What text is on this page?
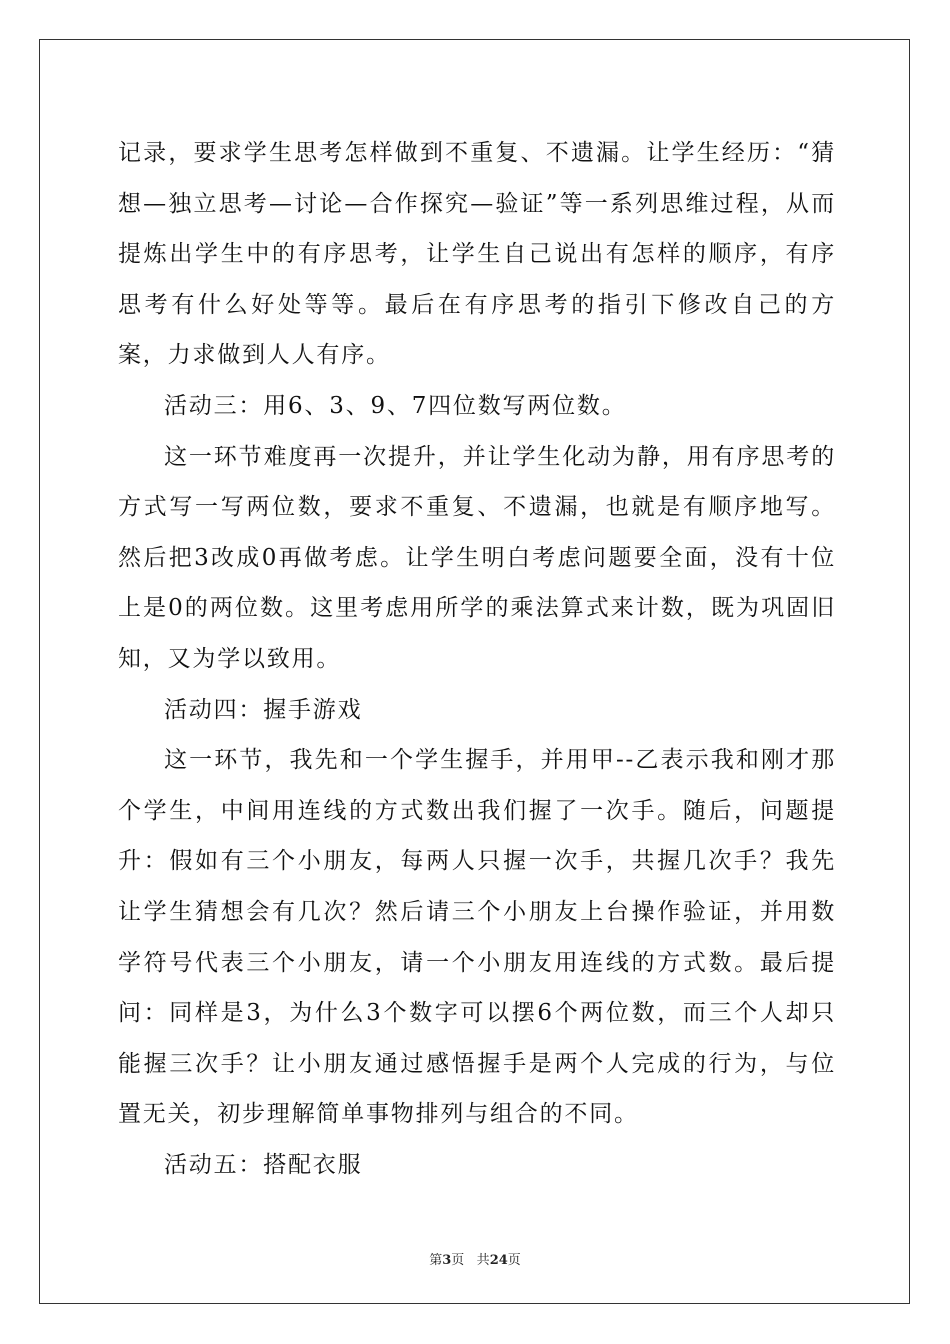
记录，要求学生思考怎样做到不重复、不遗漏。让学生经历：“猜想—独立思考—讨论—合作探究—验证”等一系列思维过程，从而提炼出学生中的有序思考，让学生自己说出有怎样的顺序，有序思考有什么好处等等。最后在有序思考的指引下修改自己的方案，力求做到人人有序。

活动三：用6、3、9、7四位数写两位数。

这一环节难度再一次提升，并让学生化动为静，用有序思考的方式写一写两位数，要求不重复、不遗漏，也就是有顺序地写。然后把3改成0再做考虑。让学生明白考虑问题要全面，没有十位上是0的两位数。这里考虑用所学的乘法算式来计数，既为巩固旧知，又为学以致用。

活动四：握手游戏

这一环节，我先和一个学生握手，并用甲--乙表示我和刚才那个学生，中间用连线的方式数出我们握了一次手。随后，问题提升：假如有三个小朋友，每两人只握一次手，共握几次手？我先让学生猜想会有几次？然后请三个小朋友上台操作验证，并用数学符号代表三个小朋友，请一个小朋友用连线的方式数。最后提问：同样是3，为什么3个数字可以摆6个两位数，而三个人却只能握三次手？让小朋友通过感悟握手是两个人完成的行为，与位置无关，初步理解简单事物排列与组合的不同。

活动五：搭配衣服

第3页 共24页
